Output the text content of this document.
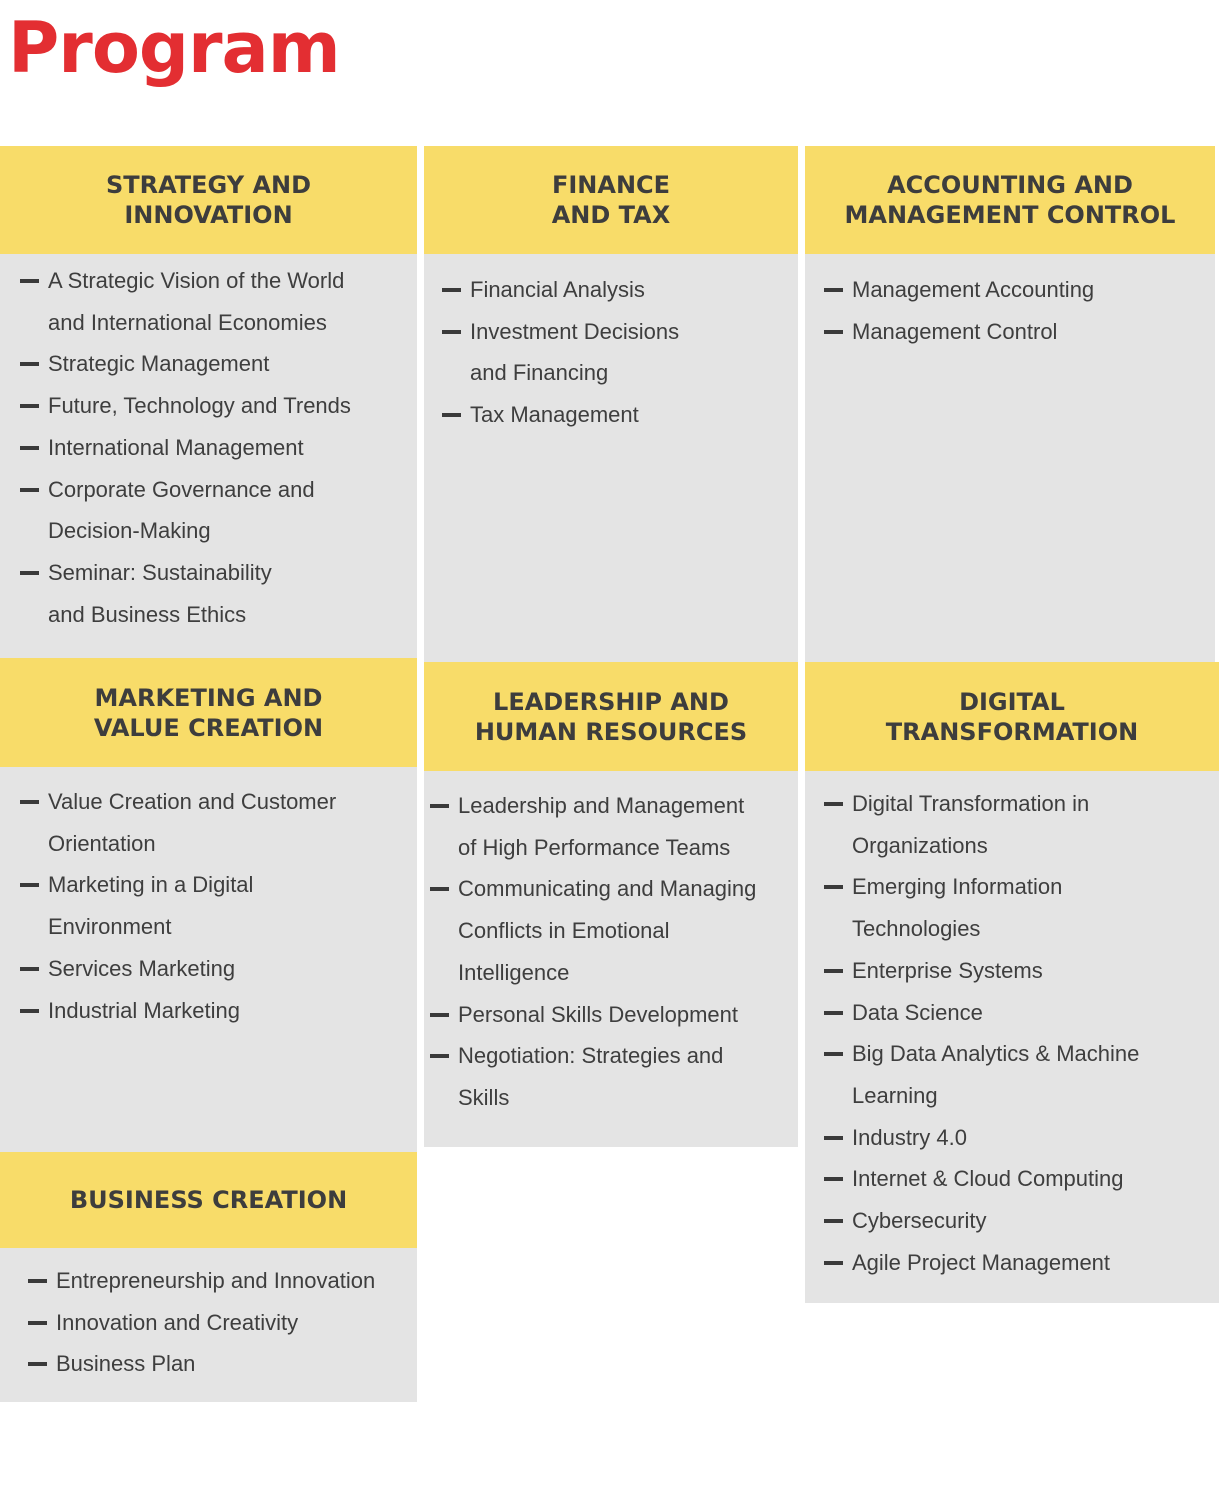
Program
STRATEGY AND
INNOVATION
A Strategic Vision of the World
and International Economies
Strategic Management
Future, Technology and Trends
International Management
Corporate Governance and
Decision-Making
Seminar: Sustainability
and Business Ethics
FINANCE
AND TAX
Financial Analysis
Investment Decisions
and Financing
Tax Management
ACCOUNTING AND
MANAGEMENT CONTROL
Management Accounting
Management Control
MARKETING AND
VALUE CREATION
Value Creation and Customer
Orientation
Marketing in a Digital
Environment
Services Marketing
Industrial Marketing
LEADERSHIP AND
HUMAN RESOURCES
Leadership and Management
of High Performance Teams
Communicating and Managing
Conflicts in Emotional
Intelligence
Personal Skills Development
Negotiation: Strategies and
Skills
DIGITAL
TRANSFORMATION
Digital Transformation in
Organizations
Emerging Information
Technologies
Enterprise Systems
Data Science
Big Data Analytics & Machine
Learning
Industry 4.0
Internet & Cloud Computing
Cybersecurity
Agile Project Management
BUSINESS CREATION
Entrepreneurship and Innovation
Innovation and Creativity
Business Plan
